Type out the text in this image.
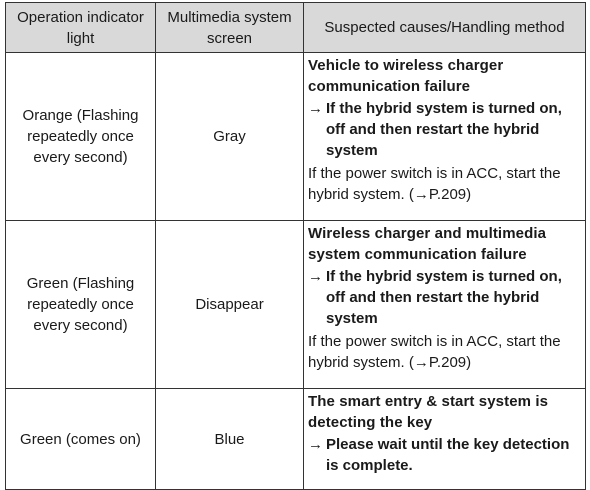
Operation indicator light	Multimedia system screen	Suspected causes/Handling method
Orange (Flashing repeatedly once every second)	Gray	Vehicle to wireless charger communication failure
→ If the hybrid system is turned on, off and then restart the hybrid system
If the power switch is in ACC, start the hybrid system. (→P.209)

Green (Flashing repeatedly once every second)	Disappear	Wireless charger and multimedia system communication failure
→ If the hybrid system is turned on, off and then restart the hybrid system
If the power switch is in ACC, start the hybrid system. (→P.209)

Green (comes on)	Blue	The smart entry & start system is detecting the key
→ Please wait until the key detection is complete.
